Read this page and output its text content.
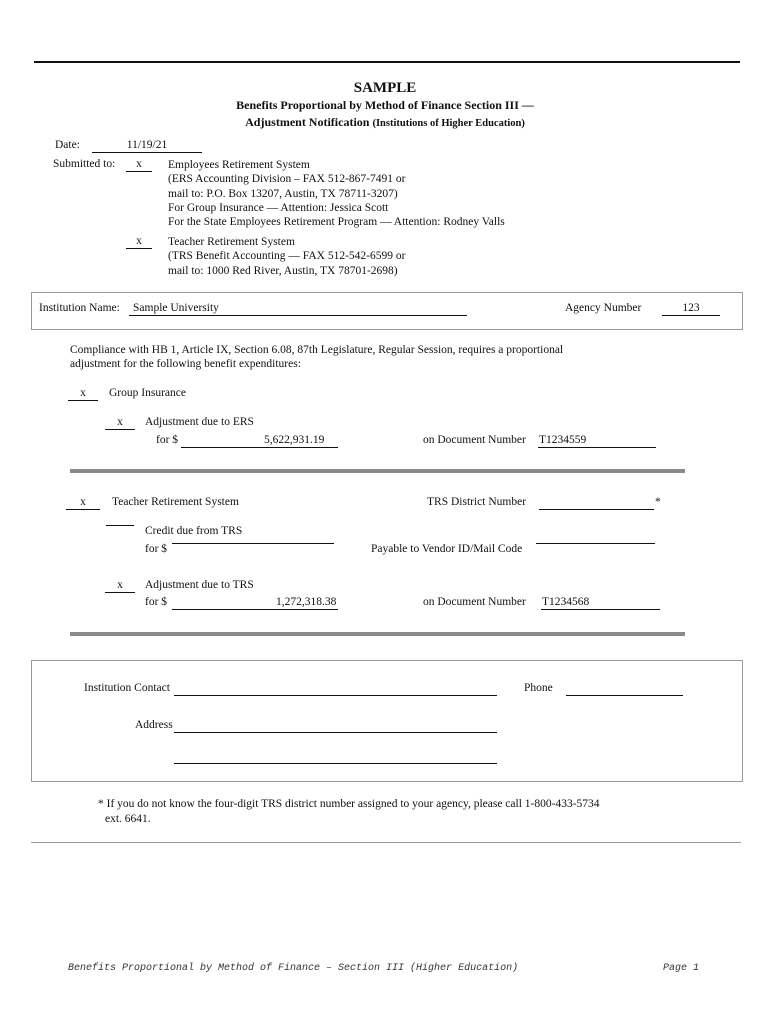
SAMPLE
Benefits Proportional by Method of Finance Section III —
Adjustment Notification (Institutions of Higher Education)
Date:	11/19/21
Submitted to:	x	Employees Retirement System
(ERS Accounting Division – FAX 512-867-7491 or
mail to: P.O. Box 13207, Austin, TX 78711-3207)
For Group Insurance — Attention: Jessica Scott
For the State Employees Retirement Program — Attention: Rodney Valls
x	Teacher Retirement System
(TRS Benefit Accounting — FAX 512-542-6599 or
mail to: 1000 Red River, Austin, TX 78701-2698)
Institution Name: Sample University	Agency Number	123
Compliance with HB 1, Article IX, Section 6.08, 87th Legislature, Regular Session, requires a proportional
adjustment for the following benefit expenditures:
x	Group Insurance
x	Adjustment due to ERS
for $	5,622,931.19	on Document Number T1234559
x	Teacher Retirement System	TRS District Number	*
Credit due from TRS
for $	Payable to Vendor ID/Mail Code
x	Adjustment due to TRS
for $	1,272,318.38	on Document Number T1234568
Institution Contact	Phone
Address
* If you do not know the four-digit TRS district number assigned to your agency, please call 1-800-433-5734
ext. 6641.
Benefits Proportional by Method of Finance – Section III (Higher Education)	Page 1
